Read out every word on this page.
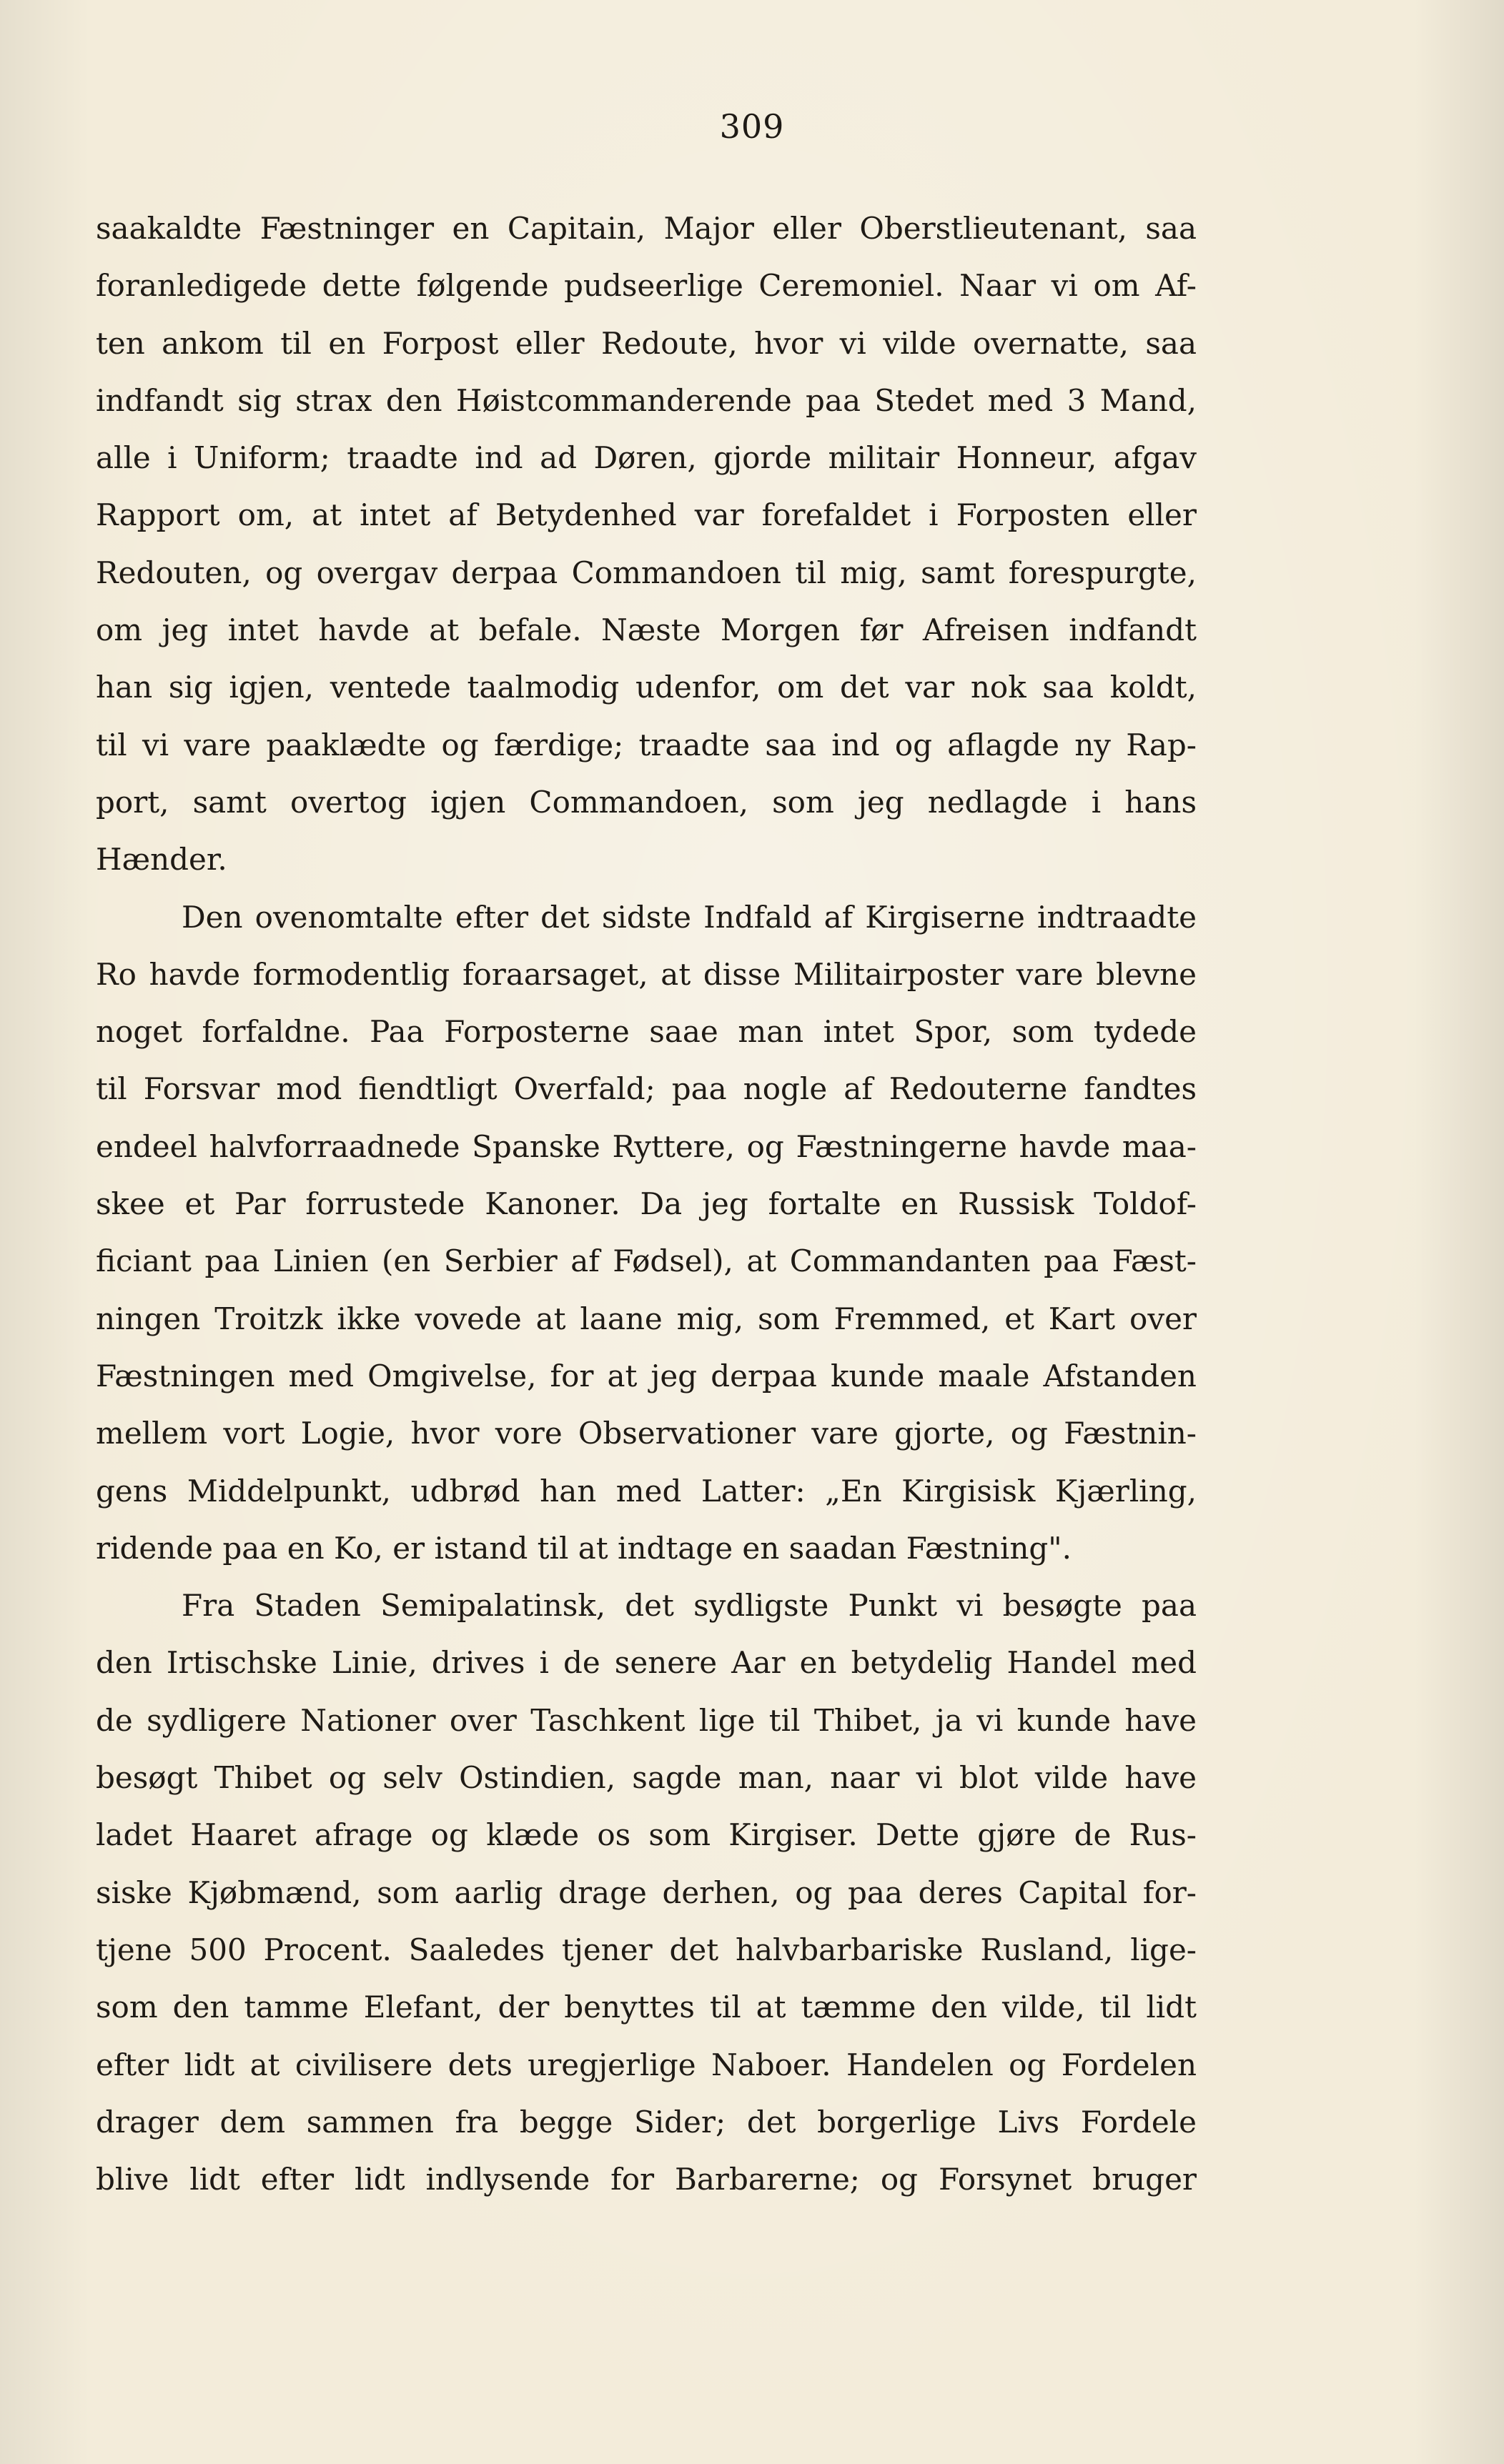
309
saakaldte Fæstninger en Capitain, Major eller Oberstlieutenant, saa
foranledigede dette følgende pudseerlige Ceremoniel. Naar vi om Af-
ten ankom til en Forpost eller Redoute, hvor vi vilde overnatte, saa
indfandt sig strax den Høistcommanderende paa Stedet med 3 Mand,
alle i Uniform; traadte ind ad Døren, gjorde militair Honneur, afgav
Rapport om, at intet af Betydenhed var forefaldet i Forposten eller
Redouten, og overgav derpaa Commandoen til mig, samt forespurgte,
om jeg intet havde at befale. Næste Morgen før Afreisen indfandt
han sig igjen, ventede taalmodig udenfor, om det var nok saa koldt,
til vi vare paaklædte og færdige; traadte saa ind og aflagde ny Rap-
port, samt overtog igjen Commandoen, som jeg nedlagde i hans
Hænder.
Den ovenomtalte efter det sidste Indfald af Kirgiserne indtraadte
Ro havde formodentlig foraarsaget, at disse Militairposter vare blevne
noget forfaldne. Paa Forposterne saae man intet Spor, som tydede
til Forsvar mod fiendtligt Overfald; paa nogle af Redouterne fandtes
endeel halvforraadnede Spanske Ryttere, og Fæstningerne havde maa-
skee et Par forrustede Kanoner. Da jeg fortalte en Russisk Toldof-
ficiant paa Linien (en Serbier af Fødsel), at Commandanten paa Fæst-
ningen Troitzk ikke vovede at laane mig, som Fremmed, et Kart over
Fæstningen med Omgivelse, for at jeg derpaa kunde maale Afstanden
mellem vort Logie, hvor vore Observationer vare gjorte, og Fæstnin-
gens Middelpunkt, udbrød han med Latter: „En Kirgisisk Kjærling,
ridende paa en Ko, er istand til at indtage en saadan Fæstning".
Fra Staden Semipalatinsk, det sydligste Punkt vi besøgte paa
den Irtischske Linie, drives i de senere Aar en betydelig Handel med
de sydligere Nationer over Taschkent lige til Thibet, ja vi kunde have
besøgt Thibet og selv Ostindien, sagde man, naar vi blot vilde have
ladet Haaret afrage og klæde os som Kirgiser. Dette gjøre de Rus-
siske Kjøbmænd, som aarlig drage derhen, og paa deres Capital for-
tjene 500 Procent. Saaledes tjener det halvbarbariske Rusland, lige-
som den tamme Elefant, der benyttes til at tæmme den vilde, til lidt
efter lidt at civilisere dets uregjerlige Naboer. Handelen og Fordelen
drager dem sammen fra begge Sider; det borgerlige Livs Fordele
blive lidt efter lidt indlysende for Barbarerne; og Forsynet bruger
